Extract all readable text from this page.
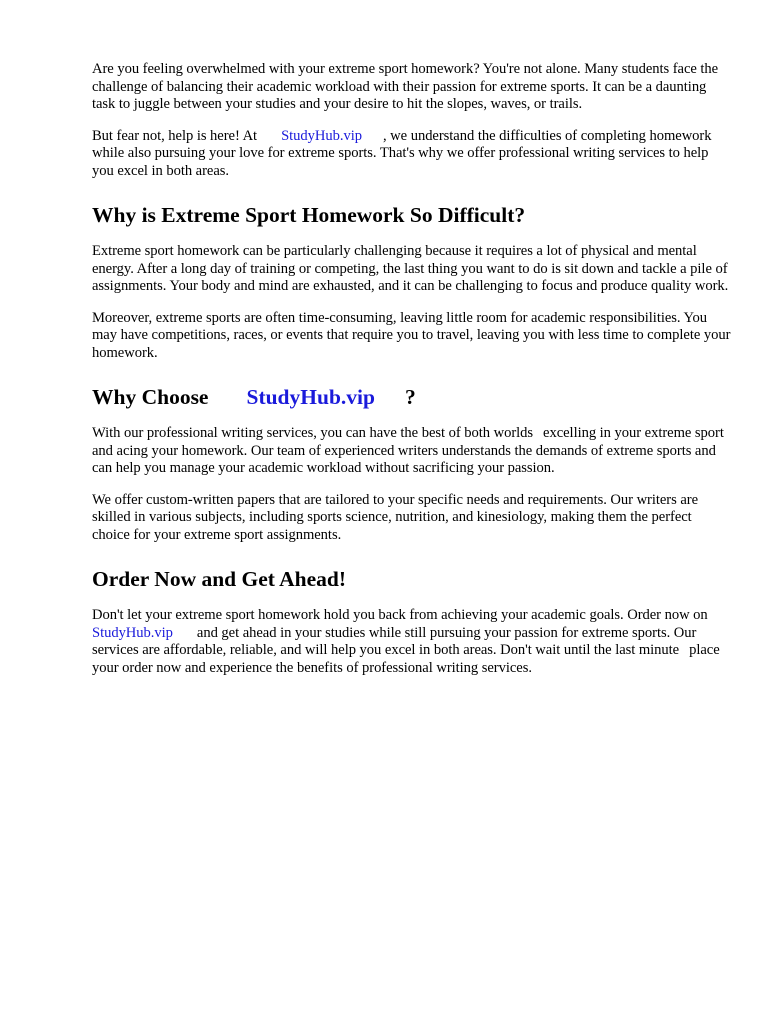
Are you feeling overwhelmed with your extreme sport homework? You're not alone. Many students face the challenge of balancing their academic workload with their passion for extreme sports. It can be a daunting task to juggle between your studies and your desire to hit the slopes, waves, or trails.

But fear not, help is here! At StudyHub.vip , we understand the difficulties of completing homework while also pursuing your love for extreme sports. That's why we offer professional writing services to help you excel in both areas.

Why is Extreme Sport Homework So Difficult?

Extreme sport homework can be particularly challenging because it requires a lot of physical and mental energy. After a long day of training or competing, the last thing you want to do is sit down and tackle a pile of assignments. Your body and mind are exhausted, and it can be challenging to focus and produce quality work.

Moreover, extreme sports are often time-consuming, leaving little room for academic responsibilities. You may have competitions, races, or events that require you to travel, leaving you with less time to complete your homework.

Why Choose StudyHub.vip ?

With our professional writing services, you can have the best of both worlds excelling in your extreme sport and acing your homework. Our team of experienced writers understands the demands of extreme sports and can help you manage your academic workload without sacrificing your passion.

We offer custom-written papers that are tailored to your specific needs and requirements. Our writers are skilled in various subjects, including sports science, nutrition, and kinesiology, making them the perfect choice for your extreme sport assignments.

Order Now and Get Ahead!

Don't let your extreme sport homework hold you back from achieving your academic goals. Order now onStudyHub.vip and get ahead in your studies while still pursuing your passion for extreme sports. Our services are affordable, reliable, and will help you excel in both areas. Don't wait until the last minute place your order now and experience the benefits of professional writing services.
